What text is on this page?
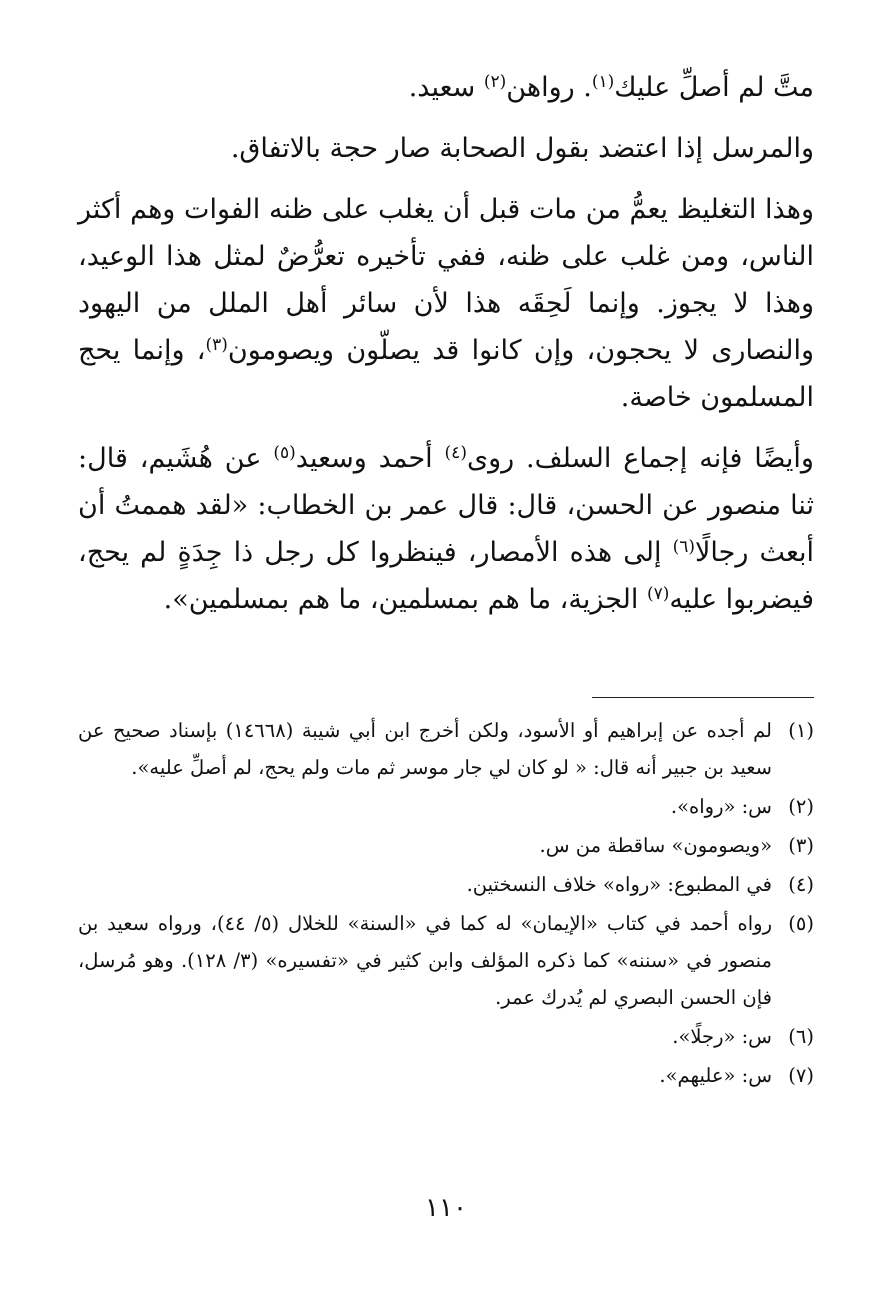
متَّ لم أصلِّ عليك$^{(١)}$. رواهن$^{(٢)}$ سعيد.

والمرسل إذا اعتضد بقول الصحابة صار حجة بالاتفاق.

وهذا التغليظ يعمُّ من مات قبل أن يغلب على ظنه الفوات وهم أكثر الناس، ومن غلب على ظنه، ففي تأخيره تعرُّضٌ لمثل هذا الوعيد، وهذا لا يجوز. وإنما لَحِقَه هذا لأن سائر أهل الملل من اليهود والنصارى لا يحجون، وإن كانوا قد يصلّون ويصومون$^{(٣)}$، وإنما يحج المسلمون خاصة.

وأيضًا فإنه إجماع السلف. روى$^{(٤)}$ أحمد وسعيد$^{(٥)}$ عن هُشَيم، قال: ثنا منصور عن الحسن، قال: قال عمر بن الخطاب: «لقد هممتُ أن أبعث رجالًا$^{(٦)}$ إلى هذه الأمصار، فينظروا كل رجل ذا جِدَةٍ لم يحج، فيضربوا عليه$^{(٧)}$ الجزية، ما هم بمسلمين، ما هم بمسلمين».

(١)
لم أجده عن إبراهيم أو الأسود، ولكن أخرج ابن أبي شيبة (١٤٦٦٨) بإسناد صحيح عن سعيد بن جبير أنه قال: « لو كان لي جار موسر ثم مات ولم يحج، لم أصلِّ عليه».
(٢)
س: «رواه».
(٣)
«ويصومون» ساقطة من س.
(٤)
في المطبوع: «رواه» خلاف النسختين.
(٥)
رواه أحمد في كتاب «الإيمان» له كما في «السنة» للخلال (٥/ ٤٤)، ورواه سعيد بن منصور في «سننه» كما ذكره المؤلف وابن كثير في «تفسيره» (٣/ ١٢٨). وهو مُرسل، فإن الحسن البصري لم يُدرك عمر.
(٦)
س: «رجلًا».
(٧)
س: «عليهم».
١١٠
